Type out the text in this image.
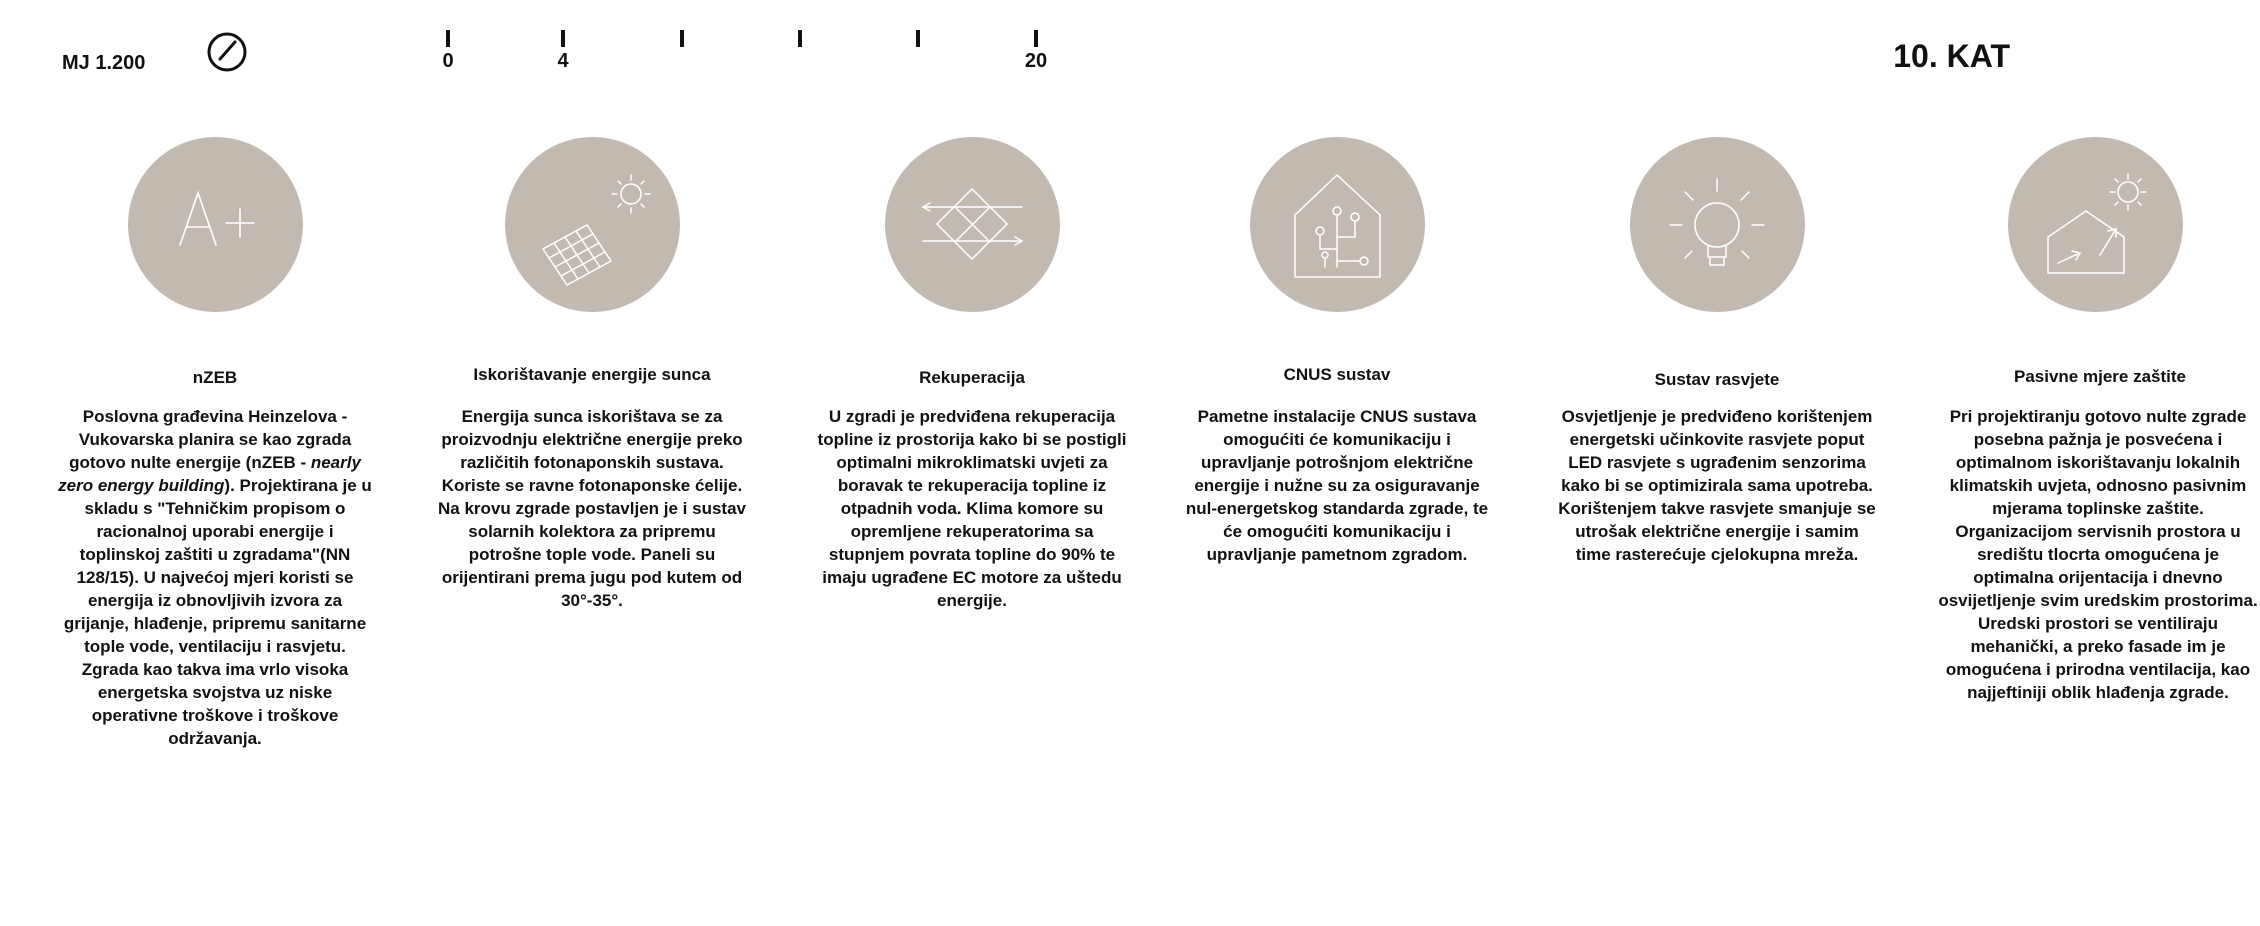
MJ 1.200	0	4	20	10. KAT
nZEB
Poslovna građevina Heinzelova - Vukovarska planira se kao zgrada gotovo nulte energije (nZEB - nearly zero energy building). Projektirana je u skladu s "Tehničkim propisom o racionalnoj uporabi energije i toplinskoj zaštiti u zgradama"(NN 128/15). U najvećoj mjeri koristi se energija iz obnovljivih izvora za grijanje, hlađenje, pripremu sanitarne tople vode, ventilaciju i rasvjetu. Zgrada kao takva ima vrlo visoka energetska svojstva uz niske operativne troškove i troškove održavanja.
Iskorištavanje energije sunca
Energija sunca iskorištava se za proizvodnju električne energije preko različitih fotonaponskih sustava. Koriste se ravne fotonaponske ćelije. Na krovu zgrade postavljen je i sustav solarnih kolektora za pripremu potrošne tople vode. Paneli su orijentirani prema jugu pod kutem od 30°-35°.
Rekuperacija
U zgradi je predviđena rekuperacija topline iz prostorija kako bi se postigli optimalni mikroklimatski uvjeti za boravak te rekuperacija topline iz otpadnih voda. Klima komore su opremljene rekuperatorima sa stupnjem povrata topline do 90% te imaju ugrađene EC motore za uštedu energije.
CNUS sustav
Pametne instalacije CNUS sustava omogućiti će komunikaciju i upravljanje potrošnjom električne energije i nužne su za osiguravanje nul-energetskog standarda zgrade, te će omogućiti komunikaciju i upravljanje pametnom zgradom.
Sustav rasvjete
Osvjetljenje je predviđeno korištenjem energetski učinkovite rasvjete poput LED rasvjete s ugrađenim senzorima kako bi se optimizirala sama upotreba. Korištenjem takve rasvjete smanjuje se utrošak električne energije i samim time rasterećuje cjelokupna mreža.
Pasivne mjere zaštite
Pri projektiranju gotovo nulte zgrade posebna pažnja je posvećena i optimalnom iskorištavanju lokalnih klimatskih uvjeta, odnosno pasivnim mjerama toplinske zaštite. Organizacijom servisnih prostora u središtu tlocrta omogućena je optimalna orijentacija i dnevno osvijetljenje svim uredskim prostorima. Uredski prostori se ventiliraju mehanički, a preko fasade im je omogućena i prirodna ventilacija, kao najjeftiniji oblik hlađenja zgrade.
